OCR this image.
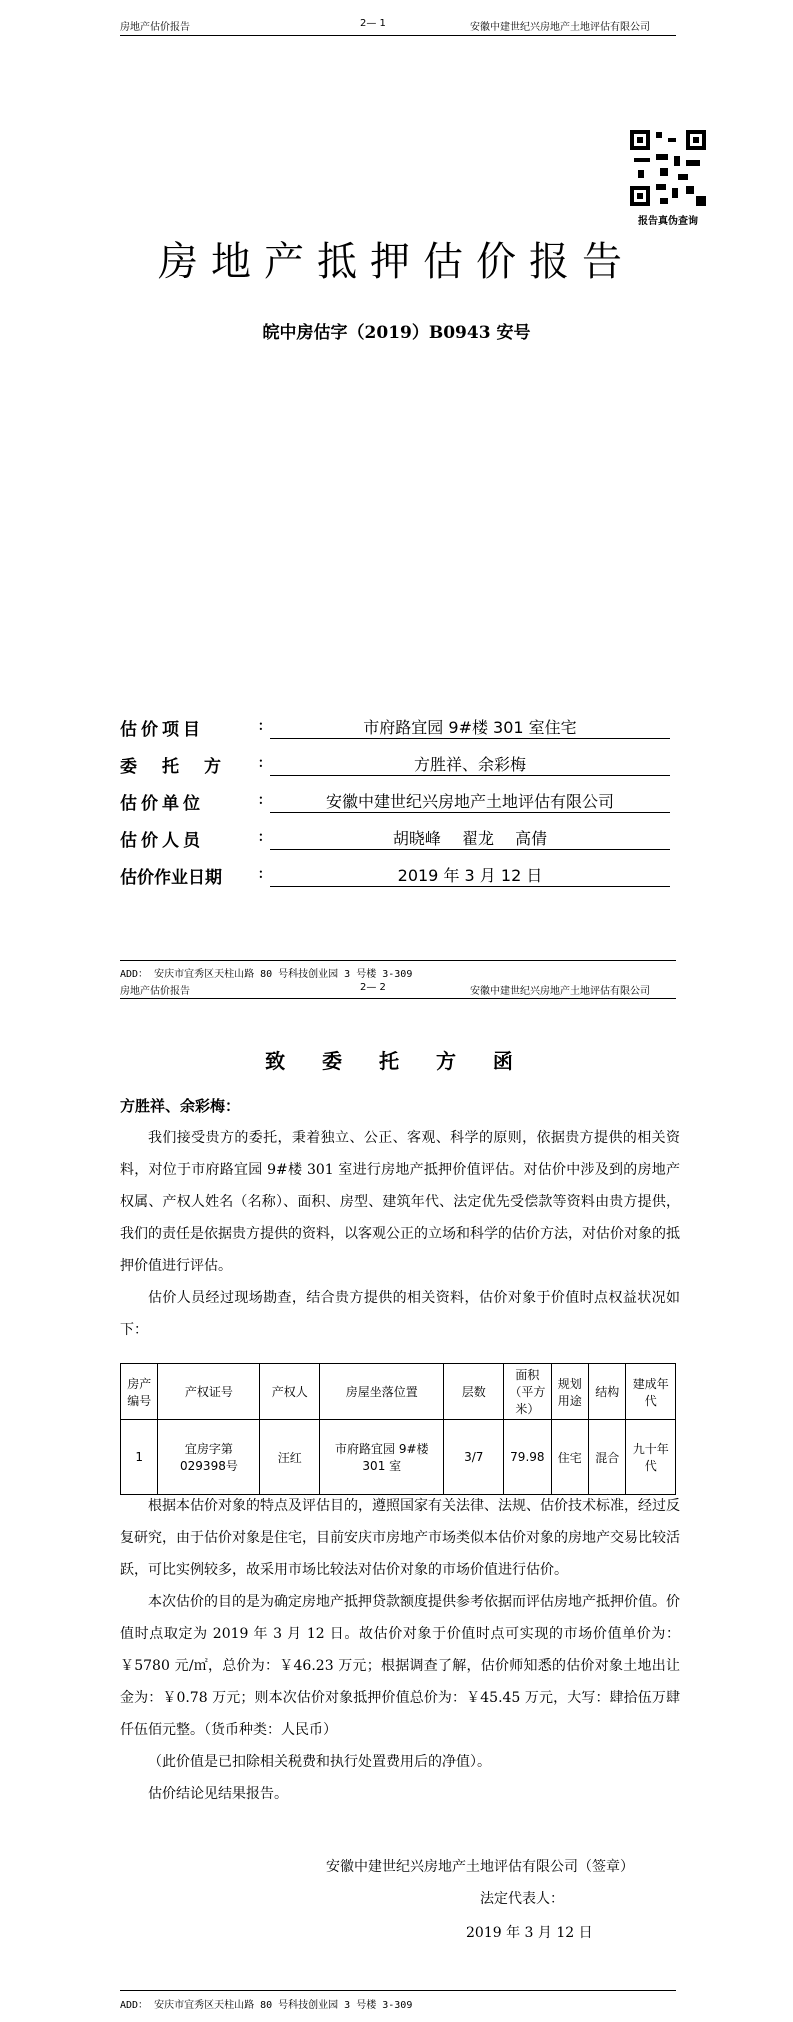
房地产估价报告	2— 1	安徽中建世纪兴房地产土地评估有限公司
报告真伪查询
房地产抵押估价报告
皖中房估字（2019）B0943 安号
估价项目	:	市府路宜园 9#楼 301 室住宅
委　托　方 :	方胜祥、余彩梅
估价单位	:	安徽中建世纪兴房地产土地评估有限公司
估价人员	:	胡晓峰　 翟龙　 高倩
估价作业日期 :	2019 年 3 月 12 日
ADD： 安庆市宜秀区天柱山路 80 号科技创业园 3 号楼 3-309
房地产估价报告	2— 2	安徽中建世纪兴房地产土地评估有限公司
致 委 托 方 函
方胜祥、余彩梅：
我们接受贵方的委托，秉着独立、公正、客观、科学的原则，依据贵方提供的相关资料，对位于市府路宜园 9#楼 301 室进行房地产抵押价值评估。对估价中涉及到的房地产权属、产权人姓名（名称）、面积、房型、建筑年代、法定优先受偿款等资料由贵方提供，我们的责任是依据贵方提供的资料，以客观公正的立场和科学的估价方法，对估价对象的抵押价值进行评估。
估价人员经过现场勘查，结合贵方提供的相关资料，估价对象于价值时点权益状况如下：
房产编号	产权证号	产权人	房屋坐落位置	层数	面积（平方米）	规划用途	结构	建成年代
1	宜房字第 029398号	汪红	市府路宜园 9#楼 301 室	3/7	79.98	住宅	混合	九十年代
根据本估价对象的特点及评估目的，遵照国家有关法律、法规、估价技术标准，经过反复研究，由于估价对象是住宅，目前安庆市房地产市场类似本估价对象的房地产交易比较活跃，可比实例较多，故采用市场比较法对估价对象的市场价值进行估价。
本次估价的目的是为确定房地产抵押贷款额度提供参考依据而评估房地产抵押价值。价值时点取定为 2019 年 3 月 12 日。故估价对象于价值时点可实现的市场价值单价为：￥5780 元/㎡，总价为：￥46.23 万元；根据调查了解，估价师知悉的估价对象土地出让金为：￥0.78 万元；则本次估价对象抵押价值总价为：￥45.45 万元，大写：肆拾伍万肆仟伍佰元整。（货币种类：人民币）
（此价值是已扣除相关税费和执行处置费用后的净值）。
估价结论见结果报告。
安徽中建世纪兴房地产土地评估有限公司（签章）
法定代表人：
2019 年 3 月 12 日
ADD： 安庆市宜秀区天柱山路 80 号科技创业园 3 号楼 3-309
